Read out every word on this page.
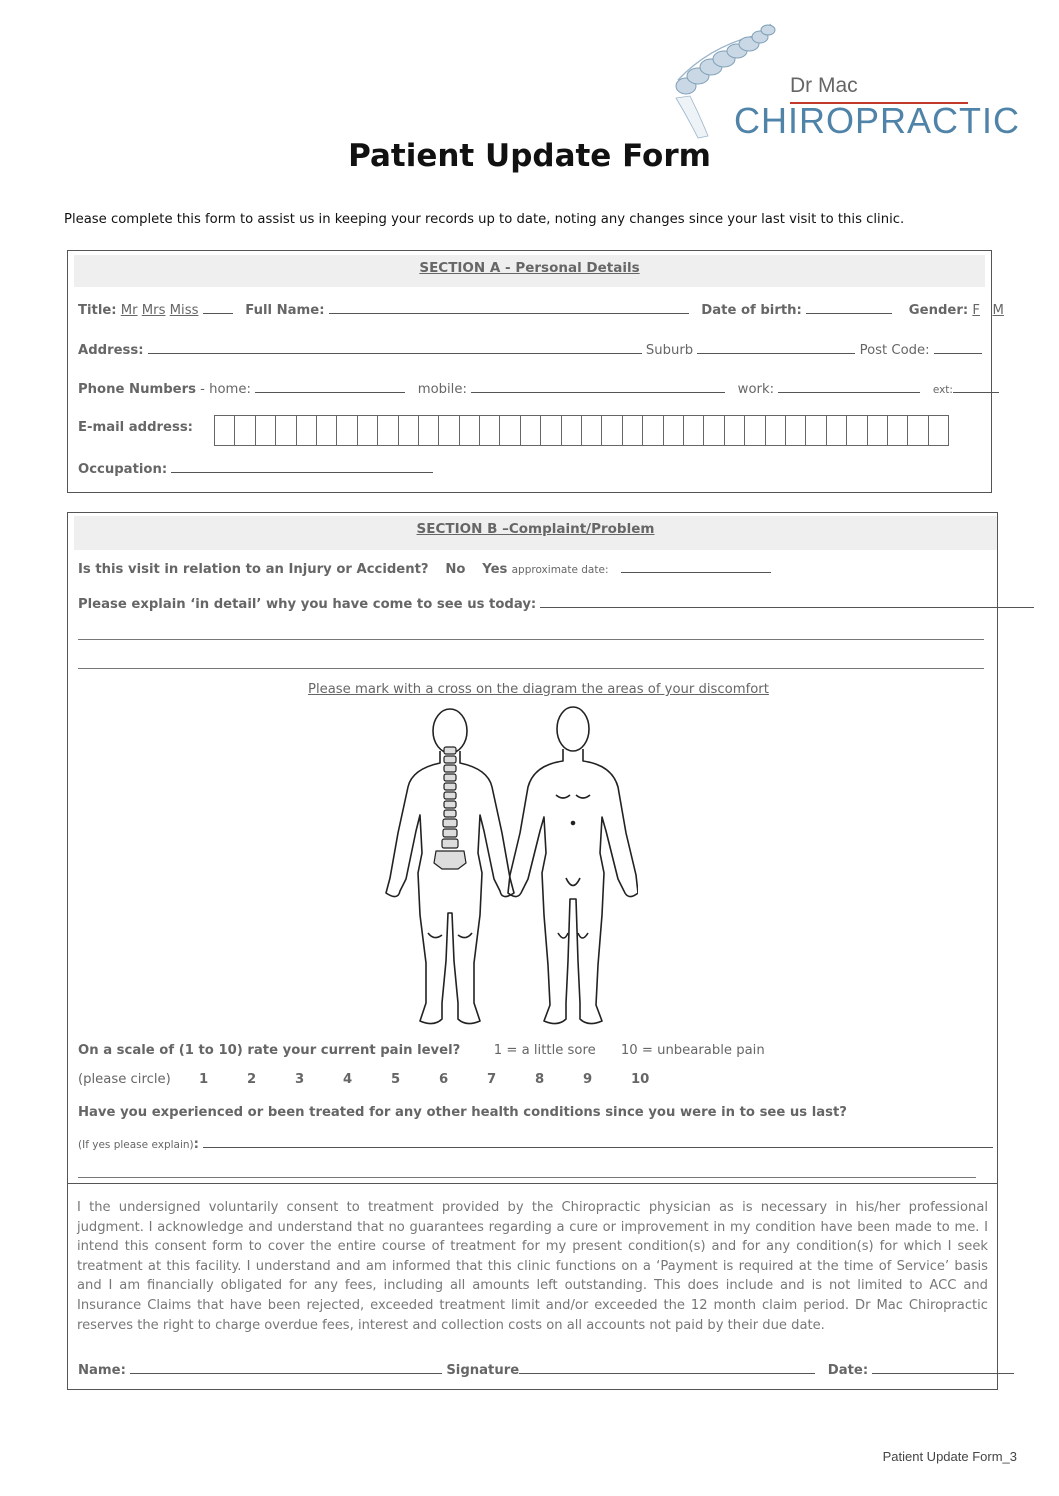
Dr Mac
CHIROPRACTIC
Patient Update Form
Please complete this form to assist us in keeping your records up to date, noting any changes since your last visit to this clinic.
SECTION A - Personal Details
Title: Mr Mrs Miss	Full Name:	Date of birth:	Gender: F M
Address:	Suburb	Post Code:
Phone Numbers - home:	mobile:	work:	ext:
E-mail address:
Occupation:
SECTION B –Complaint/Problem
Is this visit in relation to an Injury or Accident? No Yes approximate date:
Please explain ‘in detail’ why you have come to see us today:
Please mark with a cross on the diagram the areas of your discomfort
On a scale of (1 to 10) rate your current pain level?	1 = a little sore 10 = unbearable pain
(please circle) 1	2	3	4	5	6	7	8	9	10
Have you experienced or been treated for any other health conditions since you were in to see us last?
(If yes please explain):
I the undersigned voluntarily consent to treatment provided by the Chiropractic physician as is necessary in his/her professional judgment. I acknowledge and understand that no guarantees regarding a cure or improvement in my condition have been made to me. I intend this consent form to cover the entire course of treatment for my present condition(s) and for any condition(s) for which I seek treatment at this facility. I understand and am informed that this clinic functions on a ‘Payment is required at the time of Service’ basis and I am financially obligated for any fees, including all amounts left outstanding. This does include and is not limited to ACC and Insurance Claims that have been rejected, exceeded treatment limit and/or exceeded the 12 month claim period. Dr Mac Chiropractic reserves the right to charge overdue fees, interest and collection costs on all accounts not paid by their due date.
Name:	Signature	Date:
Patient Update Form_3
